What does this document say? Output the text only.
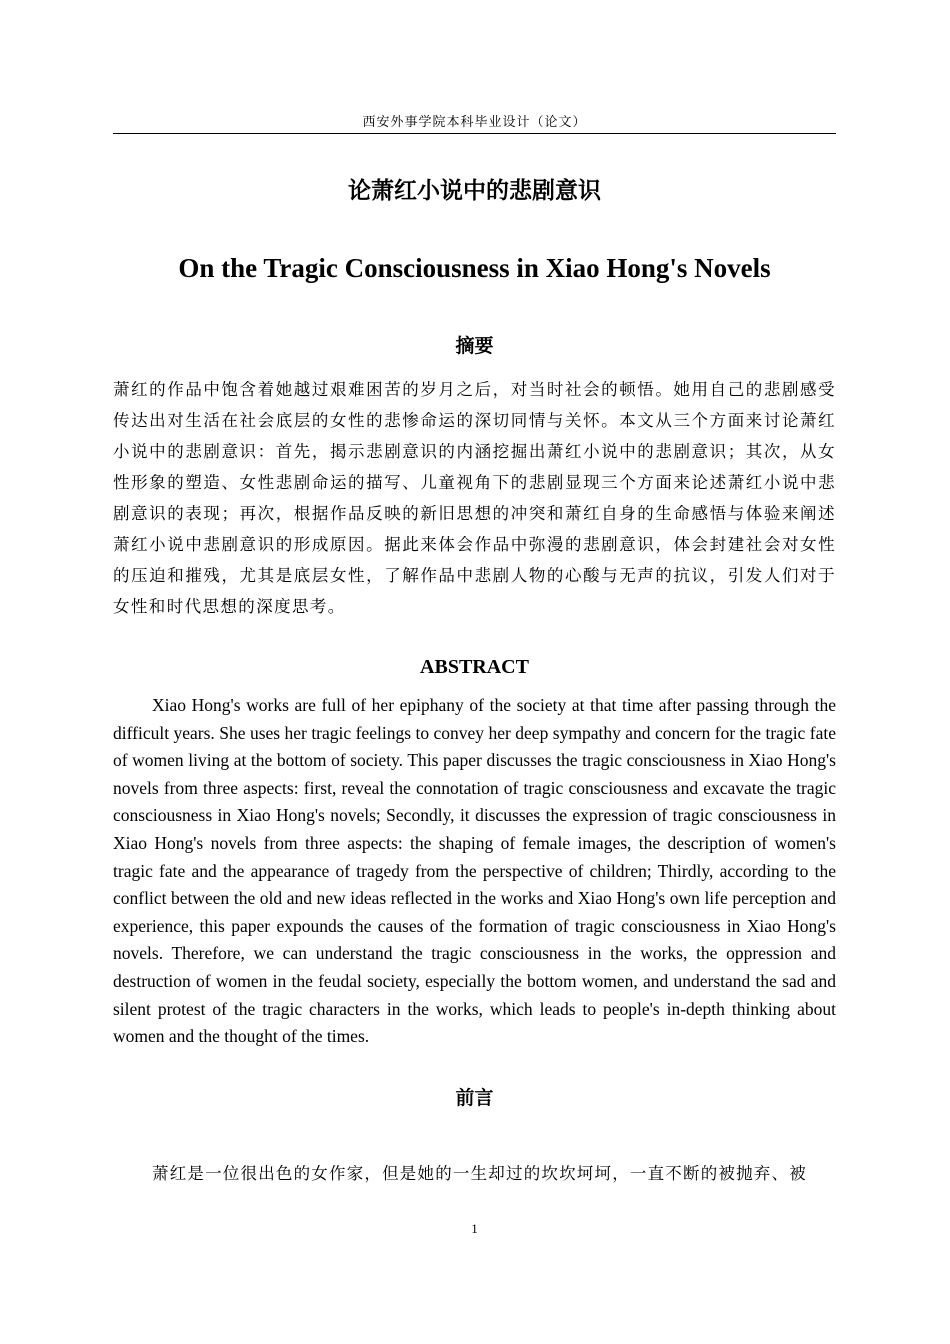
西安外事学院本科毕业设计（论文）
论萧红小说中的悲剧意识
On the Tragic Consciousness in Xiao Hong's Novels
摘要

萧红的作品中饱含着她越过艰难困苦的岁月之后，对当时社会的顿悟。她用自己的悲剧感受传达出对生活在社会底层的女性的悲惨命运的深切同情与关怀。本文从三个方面来讨论萧红小说中的悲剧意识：首先，揭示悲剧意识的内涵挖掘出萧红小说中的悲剧意识；其次，从女性形象的塑造、女性悲剧命运的描写、儿童视角下的悲剧显现三个方面来论述萧红小说中悲剧意识的表现；再次，根据作品反映的新旧思想的冲突和萧红自身的生命感悟与体验来阐述萧红小说中悲剧意识的形成原因。据此来体会作品中弥漫的悲剧意识，体会封建社会对女性的压迫和摧残，尤其是底层女性，了解作品中悲剧人物的心酸与无声的抗议，引发人们对于女性和时代思想的深度思考。

ABSTRACT

Xiao Hong's works are full of her epiphany of the society at that time after passing through the difficult years. She uses her tragic feelings to convey her deep sympathy and concern for the tragic fate of women living at the bottom of society. This paper discusses the tragic consciousness in Xiao Hong's novels from three aspects: first, reveal the connotation of tragic consciousness and excavate the tragic consciousness in Xiao Hong's novels; Secondly, it discusses the expression of tragic consciousness in Xiao Hong's novels from three aspects: the shaping of female images, the description of women's tragic fate and the appearance of tragedy from the perspective of children; Thirdly, according to the conflict between the old and new ideas reflected in the works and Xiao Hong's own life perception and experience, this paper expounds the causes of the formation of tragic consciousness in Xiao Hong's novels. Therefore, we can understand the tragic consciousness in the works, the oppression and destruction of women in the feudal society, especially the bottom women, and understand the sad and silent protest of the tragic characters in the works, which leads to people's in-depth thinking about women and the thought of the times.

前言

萧红是一位很出色的女作家，但是她的一生却过的坎坎坷坷，一直不断的被抛弃、被

1
